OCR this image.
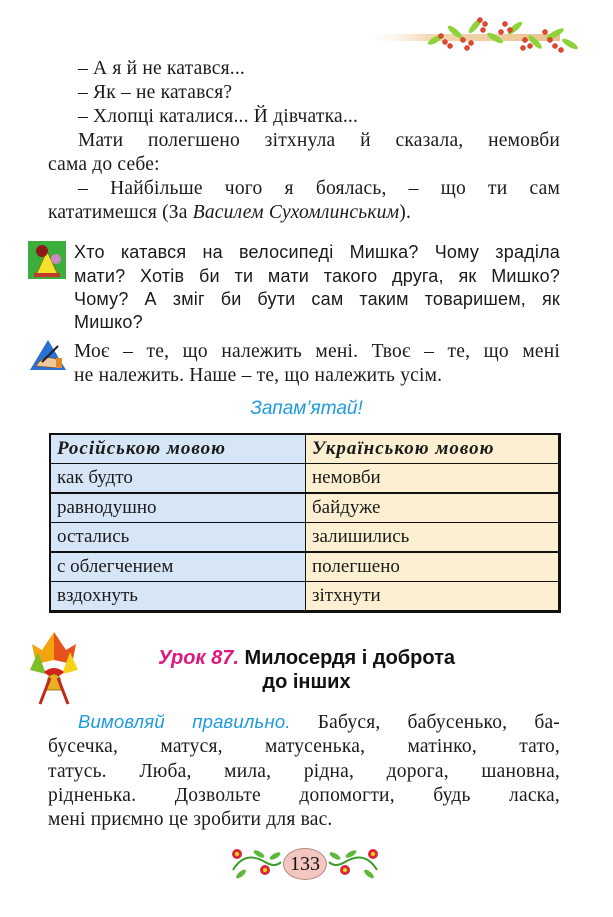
– А я й не катався...
– Як – не катався?
– Хлопці каталися... Й дівчатка...
Мати полегшено зітхнула й сказала, немовби
сама до себе:
– Найбільше чого я боялась, – що ти сам
кататимешся (За Василем Сухомлинським).
Хто катався на велосипеді Мишка? Чому зраділа
мати? Хотів би ти мати такого друга, як Мишко?
Чому? А зміг би бути сам таким товаришем, як
Мишко?
Моє – те, що належить мені. Твоє – те, що мені
не належить. Наше – те, що належить усім.
Запам’ятай!
Російською мовою	Українською мовою
как будто	немовби
равнодушно	байдуже
остались	залишились
с облегчением	полегшено
вздохнуть	зітхнути
Урок 87. Милосердя і доброта
до інших
Вимовляй правильно. Бабуся, бабусенько, ба-
бусечка, матуся, матусенька, матінко, тато,
татусь. Люба, мила, рідна, дорога, шановна,
рідненька. Дозвольте допомогти, будь ласка,
мені приємно це зробити для вас.
133
